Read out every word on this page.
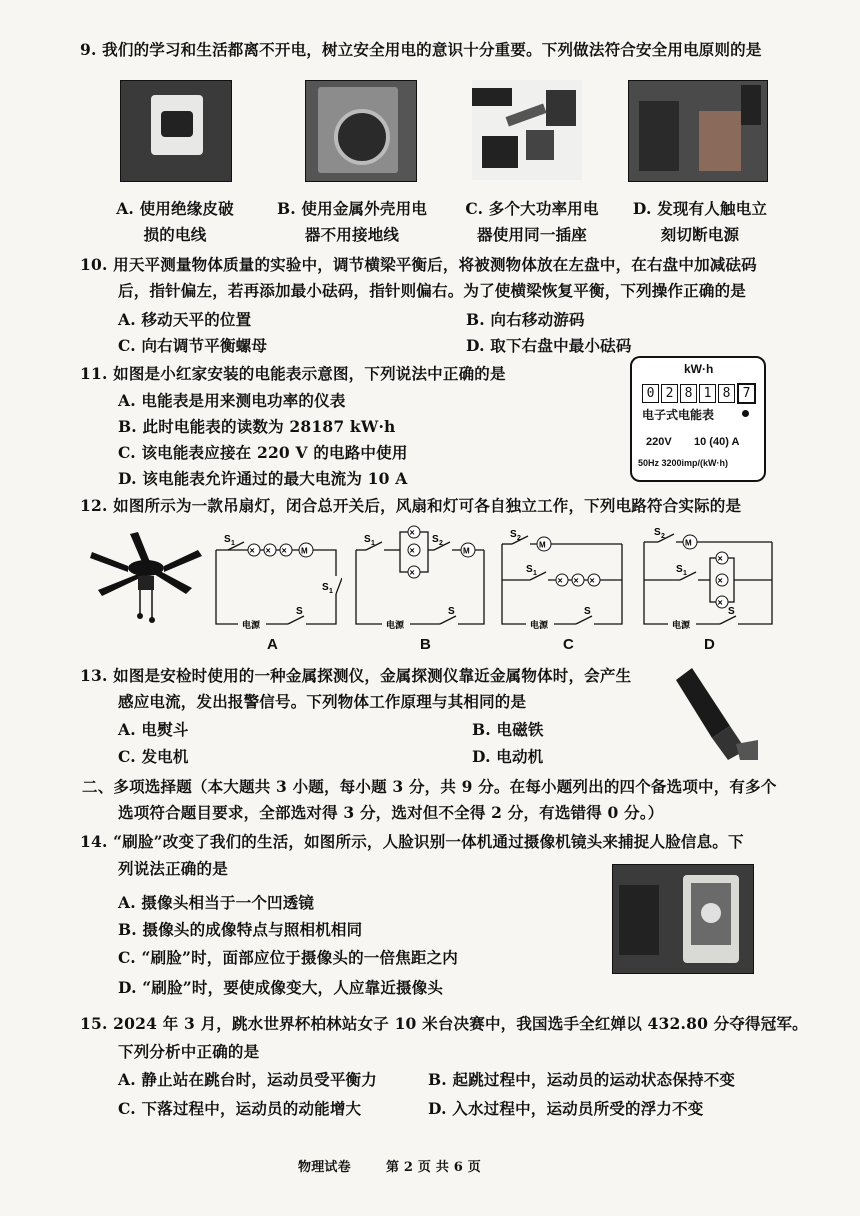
9. 我们的学习和生活都离不开电，树立安全用电的意识十分重要。下列做法符合安全用电原则的是
A. 使用绝缘皮破损的电线
B. 使用金属外壳用电器不用接地线
C. 多个大功率用电器使用同一插座
D. 发现有人触电立刻切断电源
10. 用天平测量物体质量的实验中，调节横梁平衡后，将被测物体放在左盘中，在右盘中加减砝码
后，指针偏左，若再添加最小砝码，指针则偏右。为了使横梁恢复平衡，下列操作正确的是
A. 移动天平的位置	B. 向右移动游码
C. 向右调节平衡螺母	D. 取下右盘中最小砝码
11. 如图是小红家安装的电能表示意图，下列说法中正确的是
A. 电能表是用来测电功率的仪表
B. 此时电能表的读数为 28187 kW·h
C. 该电能表应接在 220 V 的电路中使用
D. 该电能表允许通过的最大电流为 10 A
kW·h
0 2 8 1 8 7
电子式电能表
220V 10 (40) A
50Hz 3200imp/(kW·h)
12. 如图所示为一款吊扇灯，闭合总开关后，风扇和灯可各自独立工作，下列电路符合实际的是
S 1
S 1
S
电源
× × × M
A
S 1	S 2
S
电源
×
×
×
M
B
S 2
S 1
S
电源
M
× × ×
C
S 2
S 1
S
电源
M
×
×
×
D
13. 如图是安检时使用的一种金属探测仪，金属探测仪靠近金属物体时，会产生
感应电流，发出报警信号。下列物体工作原理与其相同的是
A. 电熨斗	B. 电磁铁
C. 发电机	D. 电动机
二、多项选择题（本大题共 3 小题，每小题 3 分，共 9 分。在每小题列出的四个备选项中，有多个
选项符合题目要求，全部选对得 3 分，选对但不全得 2 分，有选错得 0 分。）
14. “刷脸”改变了我们的生活，如图所示，人脸识别一体机通过摄像机镜头来捕捉人脸信息。下
列说法正确的是
A. 摄像头相当于一个凹透镜
B. 摄像头的成像特点与照相机相同
C. “刷脸”时，面部应位于摄像头的一倍焦距之内
D. “刷脸”时，要使成像变大，人应靠近摄像头
15. 2024 年 3 月，跳水世界杯柏林站女子 10 米台决赛中，我国选手全红婵以 432.80 分夺得冠军。
下列分析中正确的是
A. 静止站在跳台时，运动员受平衡力	B. 起跳过程中，运动员的运动状态保持不变
C. 下落过程中，运动员的动能增大	D. 入水过程中，运动员所受的浮力不变
物理试卷	第 2 页 共 6 页
